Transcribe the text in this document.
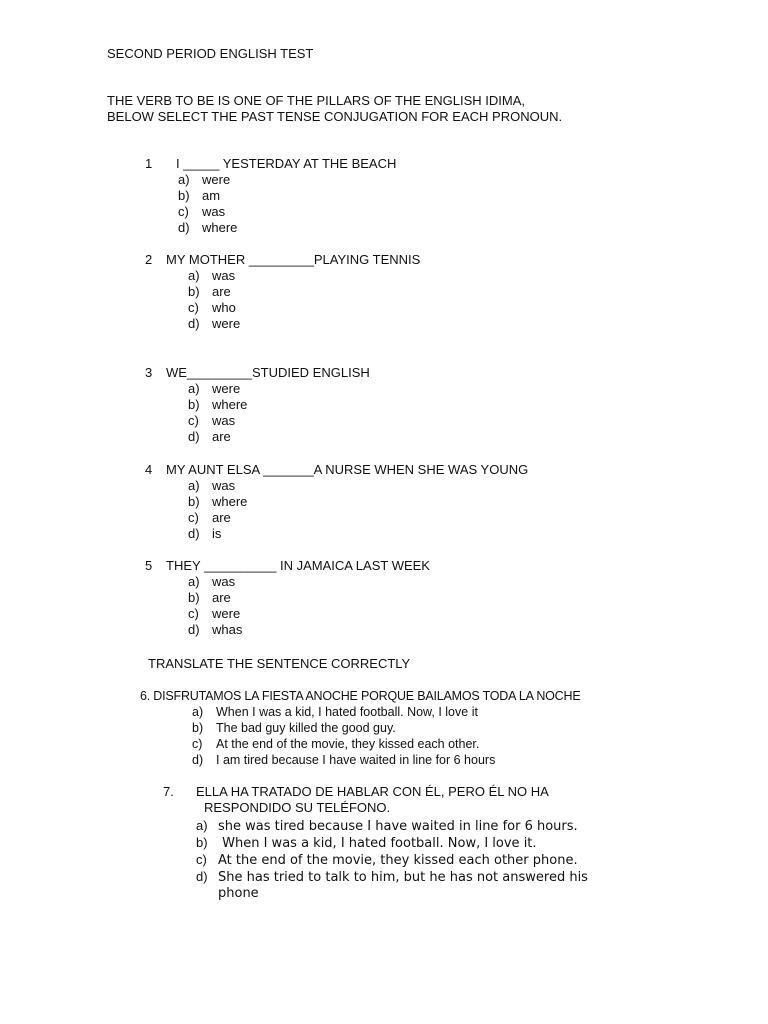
SECOND PERIOD ENGLISH TEST
THE VERB TO BE IS ONE OF THE PILLARS OF THE ENGLISH IDIMA,
BELOW SELECT THE PAST TENSE CONJUGATION FOR EACH PRONOUN.
1 I _____ YESTERDAY AT THE BEACH
a) were
b) am
c) was
d) where
2 MY MOTHER _________PLAYING TENNIS
a) was
b) are
c) who
d) were
3 WE_________STUDIED ENGLISH
a) were
b) where
c) was
d) are
4 MY AUNT ELSA _______A NURSE WHEN SHE WAS YOUNG
a) was
b) where
c) are
d) is
5 THEY __________ IN JAMAICA LAST WEEK
a) was
b) are
c) were
d) whas
TRANSLATE THE SENTENCE CORRECTLY
6. DISFRUTAMOS LA FIESTA ANOCHE PORQUE BAILAMOS TODA LA NOCHE
a) When I was a kid, I hated football. Now, I love it
b) The bad guy killed the good guy.
c) At the end of the movie, they kissed each other.
d) I am tired because I have waited in line for 6 hours
7. ELLA HA TRATADO DE HABLAR CON ÉL, PERO ÉL NO HA
RESPONDIDO SU TELÉFONO.
a) she was tired because I have waited in line for 6 hours.
b) When I was a kid, I hated football. Now, I love it.
c) At the end of the movie, they kissed each other phone.
d) She has tried to talk to him, but he has not answered his
phone
